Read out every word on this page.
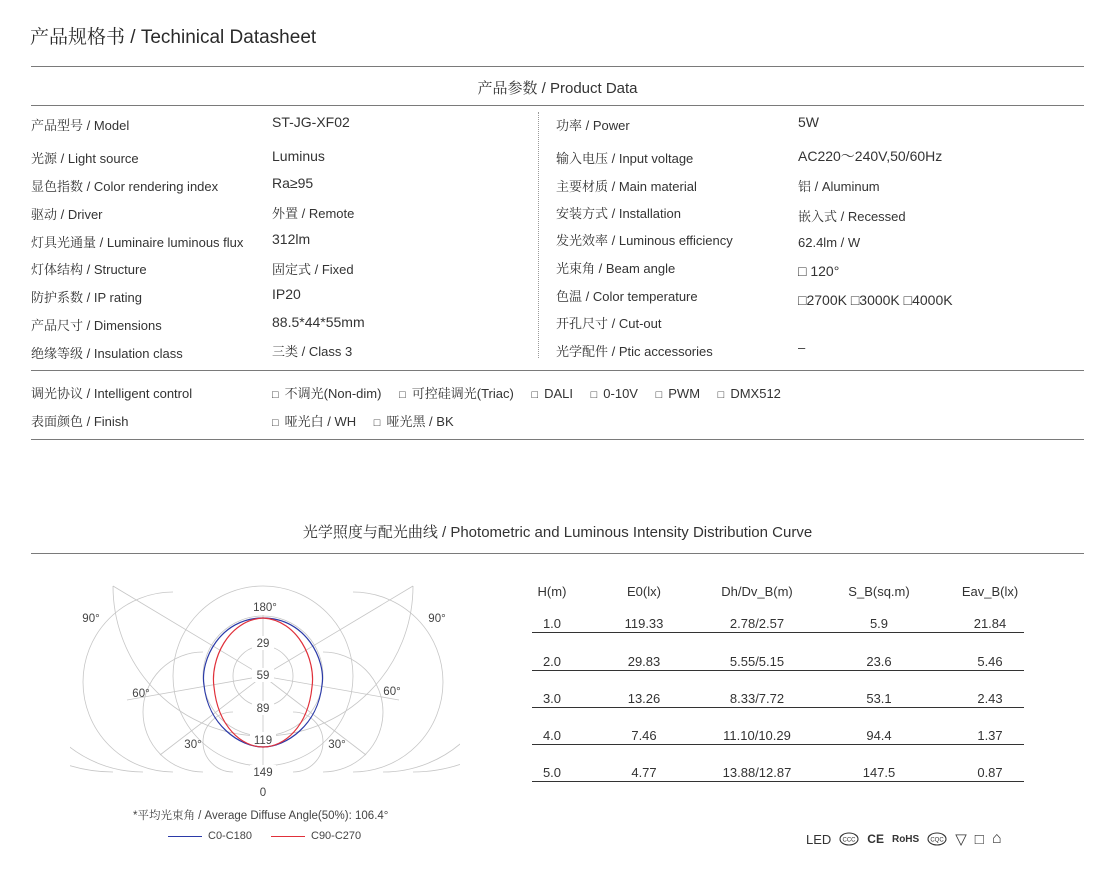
产品规格书 / Techinical Datasheet
产品参数 / Product Data
产品型号 / Model	ST-JG-XF02
光源 / Light source	Luminus
显色指数 / Color rendering index	Ra≥95
驱动 / Driver	外置 / Remote
灯具光通量 / Luminaire luminous flux 312lm
灯体结构 / Structure	固定式 / Fixed
防护系数 / IP rating	IP20
产品尺寸 / Dimensions	88.5*44*55mm
绝缘等级 / Insulation class	三类 / Class 3
功率 / Power	5W
输入电压 / Input voltage	AC220～240V,50/60Hz
主要材质 / Main material	铝 / Aluminum
安装方式 / Installation	嵌入式 / Recessed
发光效率 / Luminous efficiency	62.4lm / W
光束角 / Beam angle	□ 120°
色温 / Color temperature	□2700K □3000K □4000K
开孔尺寸 / Cut-out
光学配件 / Ptic accessories	–
调光协议 / Intelligent control	□ 不调光(Non-dim) □ 可控硅调光(Triac) □ DALI □ 0-10V □ PWM □ DMX512
表面颜色 / Finish	□ 哑光白 / WH □ 哑光黑 / BK
光学照度与配光曲线 / Photometric and Luminous Intensity Distribution Curve
180°
90°	90°
60°	60°
30°	30°
0
29
59
89
119
149
*平均光束角 / Average Diffuse Angle(50%): 106.4°
C0-C180	C90-C270
H(m)	E0(lx)	Dh/Dv_B(m)	S_B(sq.m)	Eav_B(lx)
1.0	119.33	2.78/2.57	5.9	21.84
2.0	29.83	5.55/5.15	23.6	5.46
3.0	13.26	8.33/7.72	53.1	2.43
4.0	7.46	11.10/10.29	94.4	1.37
5.0	4.77	13.88/12.87	147.5	0.87
LED CCC CE RoHS CQC ▽ □ ⌂
